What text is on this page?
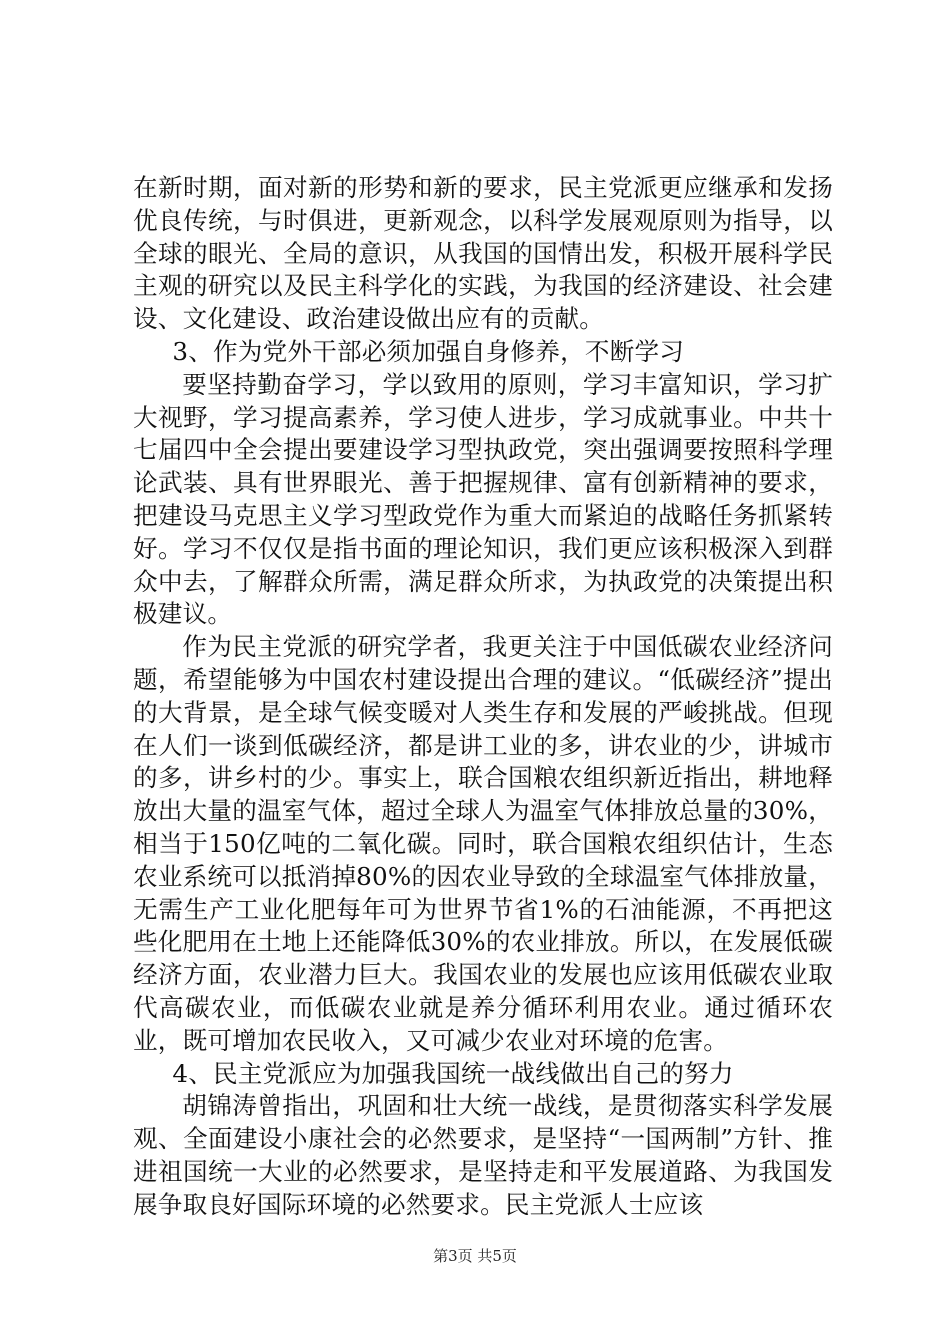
在新时期，面对新的形势和新的要求，民主党派更应继承和发扬优良传统，与时俱进，更新观念，以科学发展观原则为指导，以全球的眼光、全局的意识，从我国的国情出发，积极开展科学民主观的研究以及民主科学化的实践，为我国的经济建设、社会建设、文化建设、政治建设做出应有的贡献。

3、作为党外干部必须加强自身修养，不断学习

要坚持勤奋学习，学以致用的原则，学习丰富知识，学习扩大视野，学习提高素养，学习使人进步，学习成就事业。中共十七届四中全会提出要建设学习型执政党，突出强调要按照科学理论武装、具有世界眼光、善于把握规律、富有创新精神的要求，把建设马克思主义学习型政党作为重大而紧迫的战略任务抓紧转好。学习不仅仅是指书面的理论知识，我们更应该积极深入到群众中去，了解群众所需，满足群众所求，为执政党的决策提出积极建议。

作为民主党派的研究学者，我更关注于中国低碳农业经济问题，希望能够为中国农村建设提出合理的建议。“低碳经济”提出的大背景，是全球气候变暖对人类生存和发展的严峻挑战。但现在人们一谈到低碳经济，都是讲工业的多，讲农业的少，讲城市的多，讲乡村的少。事实上，联合国粮农组织新近指出，耕地释放出大量的温室气体，超过全球人为温室气体排放总量的30%，相当于150亿吨的二氧化碳。同时，联合国粮农组织估计，生态农业系统可以抵消掉80%的因农业导致的全球温室气体排放量，无需生产工业化肥每年可为世界节省1%的石油能源，不再把这些化肥用在土地上还能降低30%的农业排放。所以，在发展低碳经济方面，农业潜力巨大。我国农业的发展也应该用低碳农业取代高碳农业，而低碳农业就是养分循环利用农业。通过循环农业，既可增加农民收入，又可减少农业对环境的危害。

4、民主党派应为加强我国统一战线做出自己的努力

胡锦涛曾指出，巩固和壮大统一战线，是贯彻落实科学发展观、全面建设小康社会的必然要求，是坚持“一国两制”方针、推进祖国统一大业的必然要求，是坚持走和平发展道路、为我国发展争取良好国际环境的必然要求。民主党派人士应该

第3页 共5页
